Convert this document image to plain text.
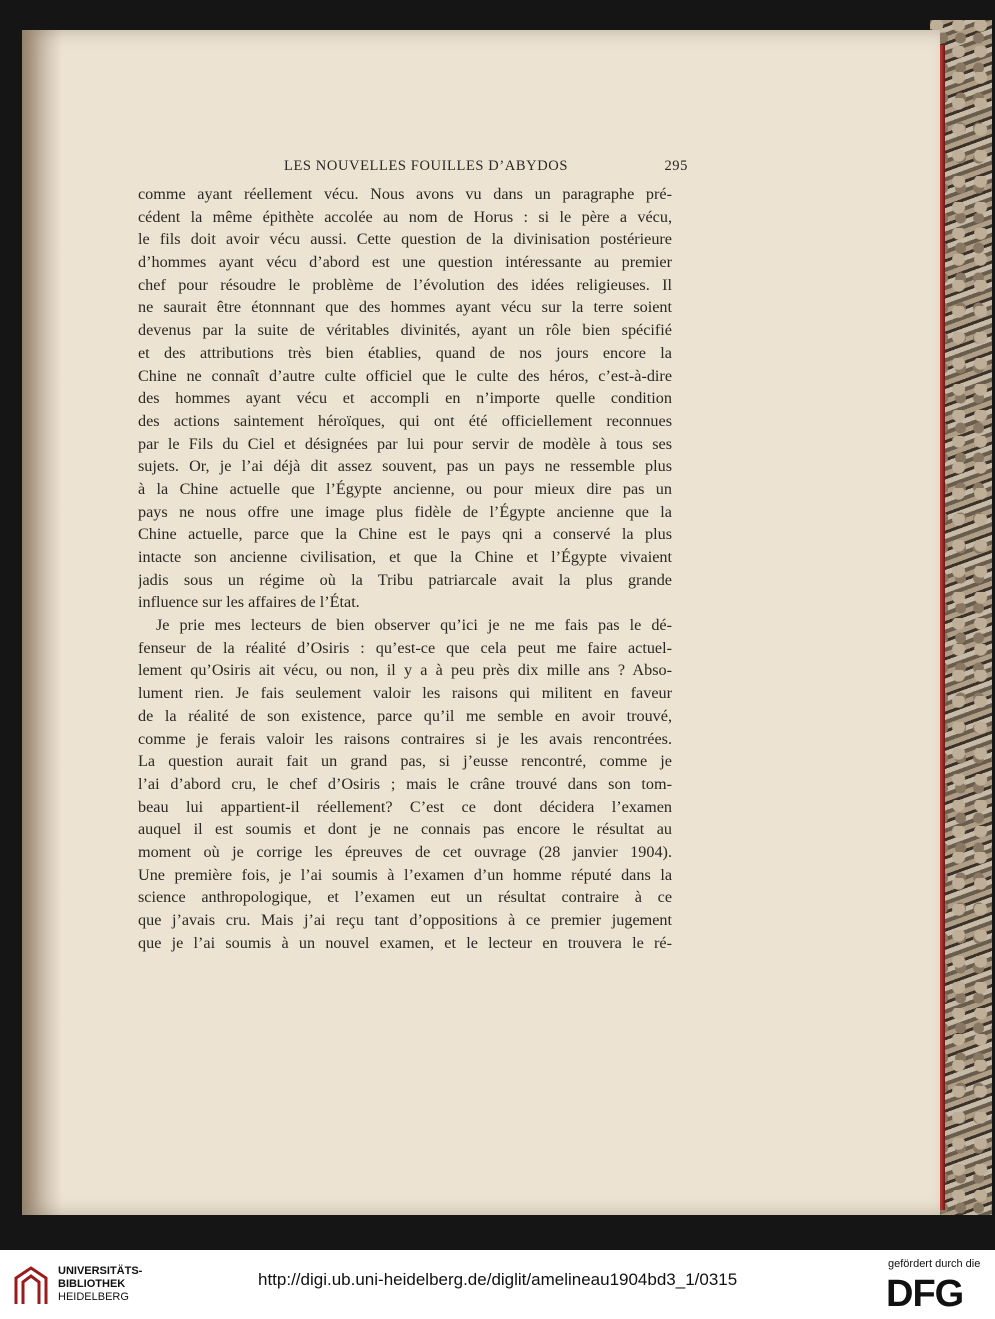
LES NOUVELLES FOUILLES D’ABYDOS	295
comme ayant réellement vécu. Nous avons vu dans un paragraphe pré-
cédent la même épithète accolée au nom de Horus : si le père a vécu,
le fils doit avoir vécu aussi. Cette question de la divinisation postérieure
d’hommes ayant vécu d’abord est une question intéressante au premier
chef pour résoudre le problème de l’évolution des idées religieuses. Il
ne saurait être étonnnant que des hommes ayant vécu sur la terre soient
devenus par la suite de véritables divinités, ayant un rôle bien spécifié
et des attributions très bien établies, quand de nos jours encore la
Chine ne connaît d’autre culte officiel que le culte des héros, c’est-à-dire
des hommes ayant vécu et accompli en n’importe quelle condition
des actions saintement héroïques, qui ont été officiellement reconnues
par le Fils du Ciel et désignées par lui pour servir de modèle à tous ses
sujets. Or, je l’ai déjà dit assez souvent, pas un pays ne ressemble plus
à la Chine actuelle que l’Égypte ancienne, ou pour mieux dire pas un
pays ne nous offre une image plus fidèle de l’Égypte ancienne que la
Chine actuelle, parce que la Chine est le pays qni a conservé la plus
intacte son ancienne civilisation, et que la Chine et l’Égypte vivaient
jadis sous un régime où la Tribu patriarcale avait la plus grande
influence sur les affaires de l’État.
Je prie mes lecteurs de bien observer qu’ici je ne me fais pas le dé-
fenseur de la réalité d’Osiris : qu’est-ce que cela peut me faire actuel-
lement qu’Osiris ait vécu, ou non, il y a à peu près dix mille ans ? Abso-
lument rien. Je fais seulement valoir les raisons qui militent en faveur
de la réalité de son existence, parce qu’il me semble en avoir trouvé,
comme je ferais valoir les raisons contraires si je les avais rencontrées.
La question aurait fait un grand pas, si j’eusse rencontré, comme je
l’ai d’abord cru, le chef d’Osiris ; mais le crâne trouvé dans son tom-
beau lui appartient-il réellement? C’est ce dont décidera l’examen
auquel il est soumis et dont je ne connais pas encore le résultat au
moment où je corrige les épreuves de cet ouvrage (28 janvier 1904).
Une première fois, je l’ai soumis à l’examen d’un homme réputé dans la
science anthropologique, et l’examen eut un résultat contraire à ce
que j’avais cru. Mais j’ai reçu tant d’oppositions à ce premier jugement
que je l’ai soumis à un nouvel examen, et le lecteur en trouvera le ré-
UNIVERSITÄTS-
BIBLIOTHEK
HEIDELBERG
http://digi.ub.uni-heidelberg.de/diglit/amelineau1904bd3_1/0315
gefördert durch die
DFG
